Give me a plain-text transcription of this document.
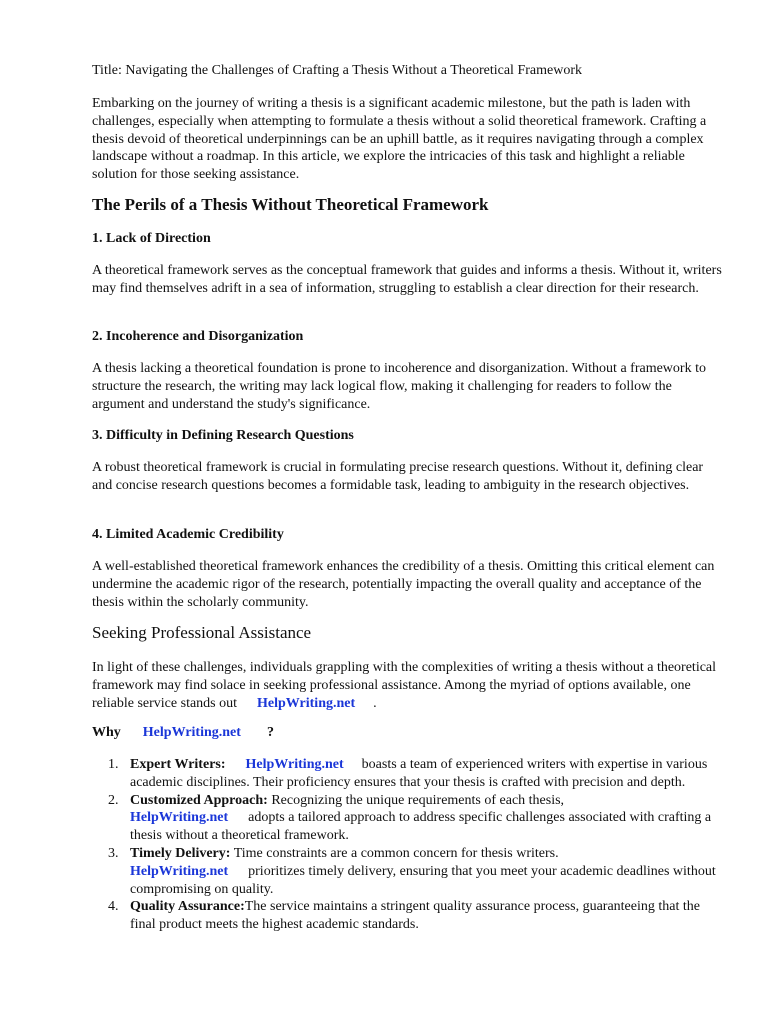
Title: Navigating the Challenges of Crafting a Thesis Without a Theoretical Framework

Embarking on the journey of writing a thesis is a significant academic milestone, but the path is laden with challenges, especially when attempting to formulate a thesis without a solid theoretical framework. Crafting a thesis devoid of theoretical underpinnings can be an uphill battle, as it requires navigating through a complex landscape without a roadmap. In this article, we explore the intricacies of this task and highlight a reliable solution for those seeking assistance.

The Perils of a Thesis Without Theoretical Framework
1. Lack of Direction

A theoretical framework serves as the conceptual framework that guides and informs a thesis. Without it, writers may find themselves adrift in a sea of information, struggling to establish a clear direction for their research.

2. Incoherence and Disorganization

A thesis lacking a theoretical foundation is prone to incoherence and disorganization. Without a framework to structure the research, the writing may lack logical flow, making it challenging for readers to follow the argument and understand the study's significance.

3. Difficulty in Defining Research Questions

A robust theoretical framework is crucial in formulating precise research questions. Without it, defining clear and concise research questions becomes a formidable task, leading to ambiguity in the research objectives.

4. Limited Academic Credibility

A well-established theoretical framework enhances the credibility of a thesis. Omitting this critical element can undermine the academic rigor of the research, potentially impacting the overall quality and acceptance of the thesis within the scholarly community.

Seeking Professional Assistance

In light of these challenges, individuals grappling with the complexities of writing a thesis without a theoretical framework may find solace in seeking professional assistance. Among the myriad of options available, one reliable service stands out HelpWriting.net .

Why HelpWriting.net ?
1. Expert Writers: HelpWriting.net boasts a team of experienced writers with expertise in various academic disciplines. Their proficiency ensures that your thesis is crafted with precision and depth.
2. Customized Approach: Recognizing the unique requirements of each thesis,
HelpWriting.net adopts a tailored approach to address specific challenges associated with crafting a thesis without a theoretical framework.
3. Timely Delivery: Time constraints are a common concern for thesis writers.
HelpWriting.net prioritizes timely delivery, ensuring that you meet your academic deadlines without compromising on quality.
4. Quality Assurance:The service maintains a stringent quality assurance process, guaranteeing that the final product meets the highest academic standards.
